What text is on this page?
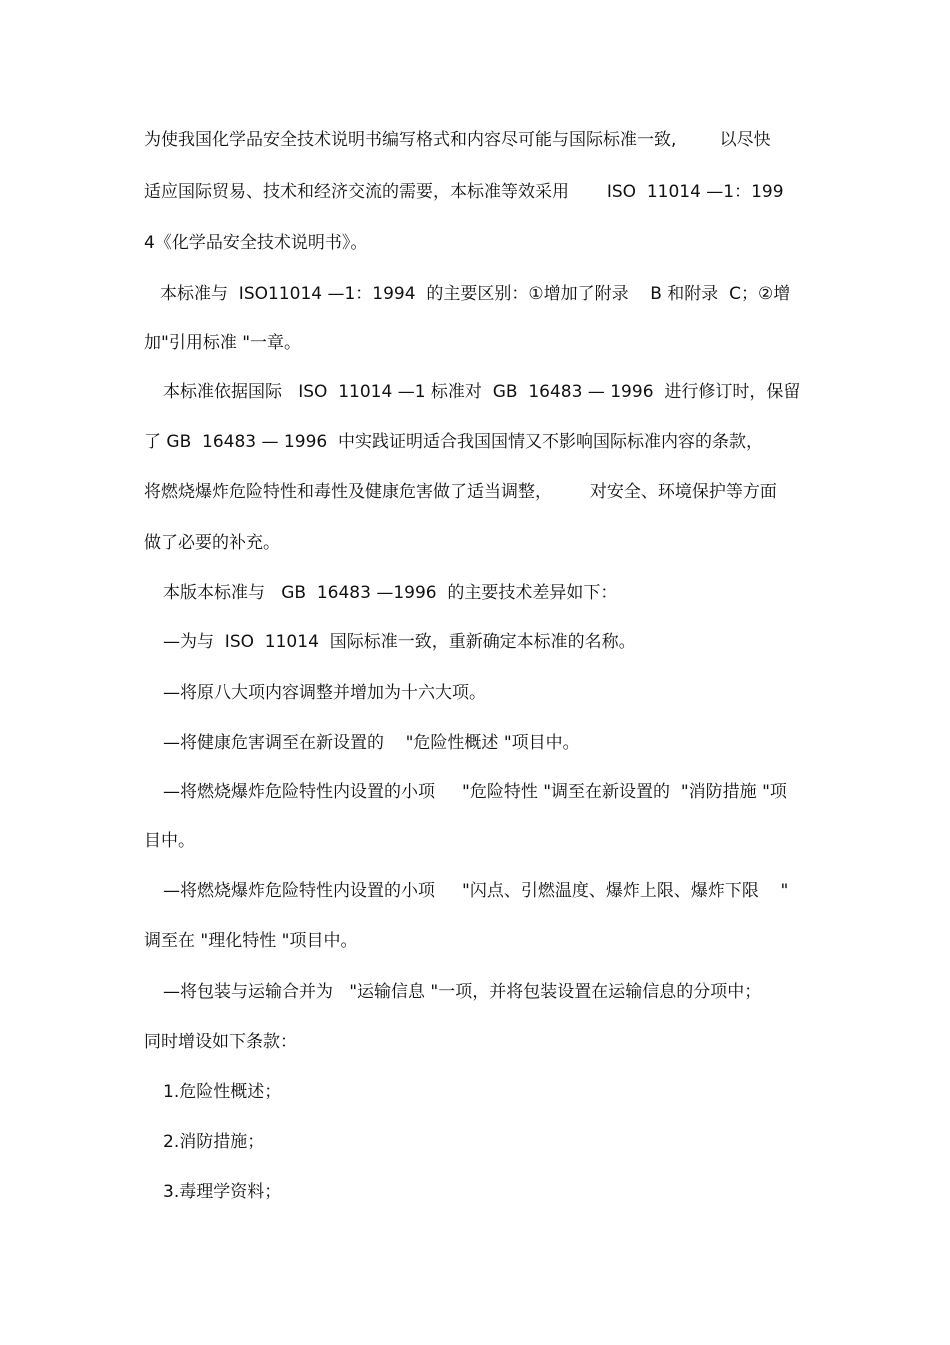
为使我国化学品安全技术说明书编写格式和内容尽可能与国际标准一致,        以尽快
适应国际贸易、技术和经济交流的需要，本标准等效采用       ISO  11014 —1：199
4《化学品安全技术说明书》。
本标准与  ISO11014 —1：1994  的主要区别：①增加了附录    B 和附录  C；②增
加"引用标准 "一章。
本标准依据国际   ISO  11014 —1 标准对  GB  16483 — 1996  进行修订时，保留
了 GB  16483 — 1996  中实践证明适合我国国情又不影响国际标准内容的条款，
将燃烧爆炸危险特性和毒性及健康危害做了适当调整，       对安全、环境保护等方面
做了必要的补充。
本版本标准与   GB  16483 —1996  的主要技术差异如下：
—为与  ISO  11014  国际标准一致，重新确定本标准的名称。
—将原八大项内容调整并增加为十六大项。
—将健康危害调至在新设置的    "危险性概述 "项目中。
—将燃烧爆炸危险特性内设置的小项     "危险特性 "调至在新设置的  "消防措施 "项
目中。
—将燃烧爆炸危险特性内设置的小项     "闪点、引燃温度、爆炸上限、爆炸下限    "
调至在 "理化特性 "项目中。
—将包装与运输合并为   "运输信息 "一项，并将包装设置在运输信息的分项中；
同时增设如下条款：
1.危险性概述；
2.消防措施；
3.毒理学资料；
